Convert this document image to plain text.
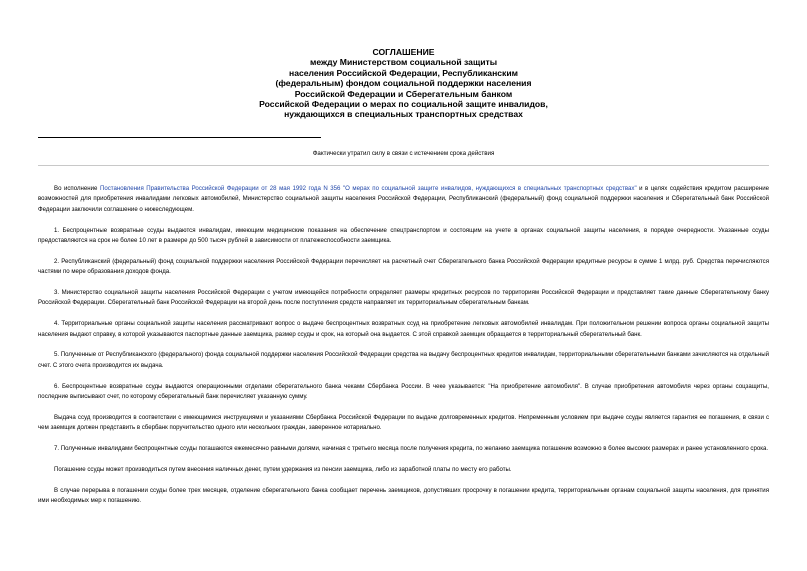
СОГЛАШЕНИЕ
между Министерством социальной защиты
населения Российской Федерации, Республиканским
(федеральным) фондом социальной поддержки населения
Российской Федерации и Сберегательным банком
Российской Федерации о мерах по социальной защите инвалидов,
нуждающихся в специальных транспортных средствах
Фактически утратил силу в связи с истечением срока действия

Во исполнение Постановления Правительства Российской Федерации от 28 мая 1992 года N 356 "О мерах по социальной защите инвалидов, нуждающихся в специальных транспортных средствах" и в целях содействия кредитом расширение возможностей для приобретения инвалидами легковых автомобилей, Министерство социальной защиты населения Российской Федерации, Республиканский (федеральный) фонд социальной поддержки населения и Сберегательный банк Российской Федерации заключили соглашение о нижеследующем.

1. Беспроцентные возвратные ссуды выдаются инвалидам, имеющим медицинские показания на обеспечение спецтранспортом и состоящим на учете в органах социальной защиты населения, в порядке очередности. Указанные ссуды предоставляются на срок не более 10 лет в размере до 500 тысяч рублей в зависимости от платежеспособности заемщика.

2. Республиканский (федеральный) фонд социальной поддержки населения Российской Федерации перечисляет на расчетный счет Сберегательного банка Российской Федерации кредитные ресурсы в сумме 1 млрд. руб. Средства перечисляются частями по мере образования доходов фонда.

3. Министерство социальной защиты населения Российской Федерации с учетом имеющейся потребности определяет размеры кредитных ресурсов по территориям Российской Федерации и представляет такие данные Сберегательному банку Российской Федерации. Сберегательный банк Российской Федерации на второй день после поступления средств направляет их территориальным сберегательным банкам.

4. Территориальные органы социальной защиты населения рассматривают вопрос о выдаче беспроцентных возвратных ссуд на приобретение легковых автомобилей инвалидам. При положительном решении вопроса органы социальной защиты населения выдают справку, в которой указываются паспортные данные заемщика, размер ссуды и срок, на который она выдается. С этой справкой заемщик обращается в территориальный сберегательный банк.

5. Полученные от Республиканского (федерального) фонда социальной поддержки населения Российской Федерации средства на выдачу беспроцентных кредитов инвалидам, территориальными сберегательными банками зачисляются на отдельный счет. С этого счета производится их выдача.

6. Беспроцентные возвратные ссуды выдаются операционными отделами сберегательного банка чеками Сбербанка России. В чеке указывается: "На приобретение автомобиля". В случае приобретения автомобиля через органы соцзащиты, последние выписывают счет, по которому сберегательный банк перечисляет указанную сумму.

Выдача ссуд производится в соответствии с имеющимися инструкциями и указаниями Сбербанка Российской Федерации по выдаче долговременных кредитов. Непременным условием при выдаче ссуды является гарантия ее погашения, в связи с чем заемщик должен представить в сбербанк поручительство одного или нескольких граждан, заверенное нотариально.

7. Полученные инвалидами беспроцентные ссуды погашаются ежемесячно равными долями, начиная с третьего месяца после получения кредита, по желанию заемщика погашение возможно в более высоких размерах и ранее установленного срока.

Погашение ссуды может производиться путем внесения наличных денег, путем удержания из пенсии заемщика, либо из заработной платы по месту его работы.

В случае перерыва в погашении ссуды более трех месяцев, отделение сберегательного банка сообщает перечень заемщиков, допустивших просрочку в погашении кредита, территориальным органам социальной защиты населения, для принятия ими необходимых мер к погашению.
